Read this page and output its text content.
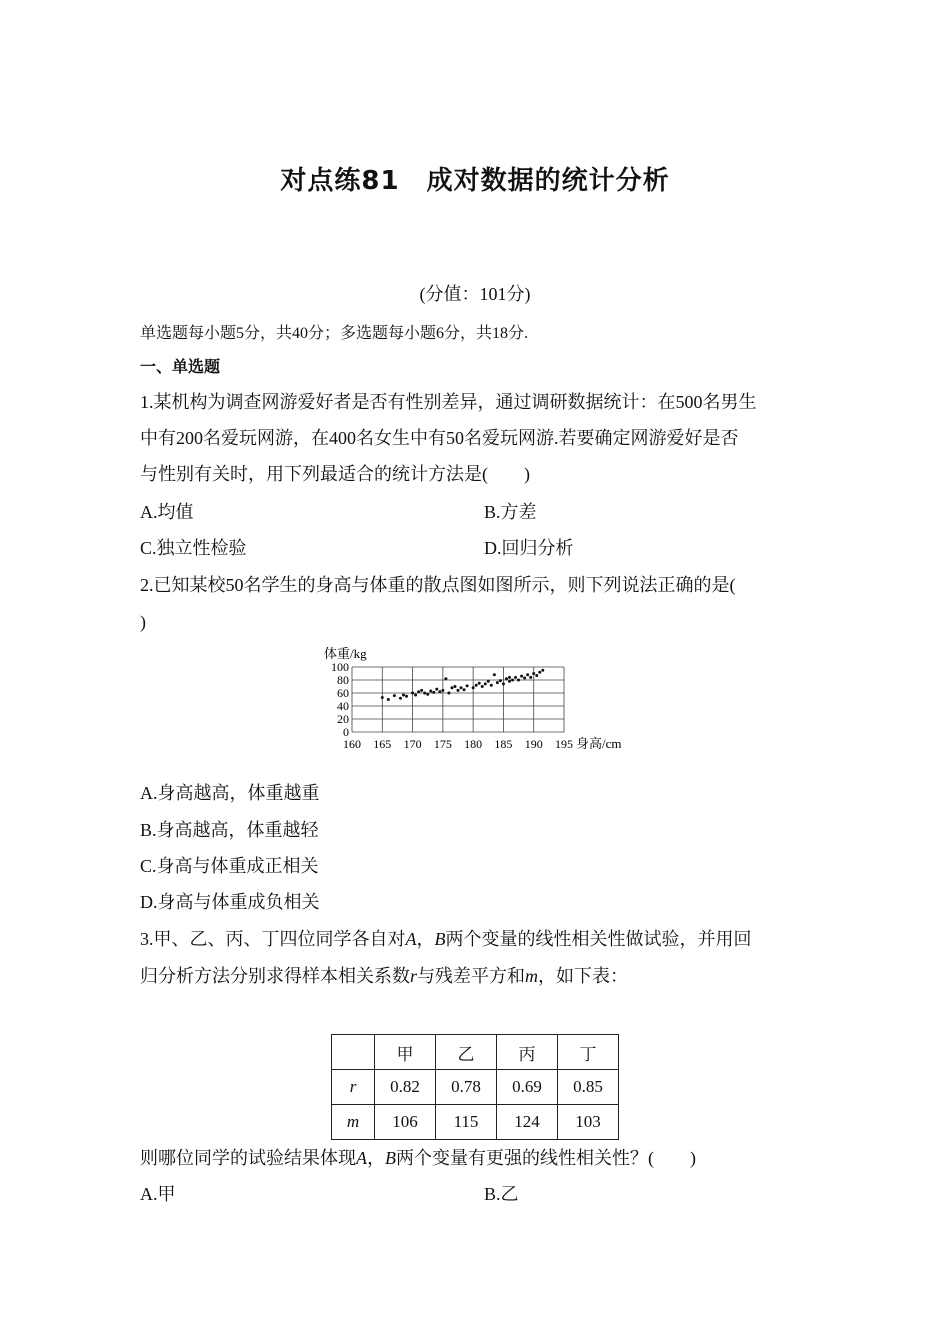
对点练81　成对数据的统计分析
(分值：101分)
单选题每小题5分，共40分；多选题每小题6分，共18分.
一、单选题
1.某机构为调查网游爱好者是否有性别差异，通过调研数据统计：在500名男生
中有200名爱玩网游，在400名女生中有50名爱玩网游.若要确定网游爱好是否
与性别有关时，用下列最适合的统计方法是(　　)
A.均值	B.方差
C.独立性检验	D.回归分析
2.已知某校50名学生的身高与体重的散点图如图所示，则下列说法正确的是(
)
体重/kg
100
80
60
40
20
0
160 165 170 175 180 185 190 195 身高/cm
A.身高越高，体重越重
B.身高越高，体重越轻
C.身高与体重成正相关
D.身高与体重成负相关
3.甲、乙、丙、丁四位同学各自对A，B两个变量的线性相关性做试验，并用回
归分析方法分别求得样本相关系数r与残差平方和m，如下表：
	甲	乙	丙	丁
r	0.82	0.78	0.69	0.85
m	106	115	124	103
则哪位同学的试验结果体现A，B两个变量有更强的线性相关性？(　　)
A.甲	B.乙
